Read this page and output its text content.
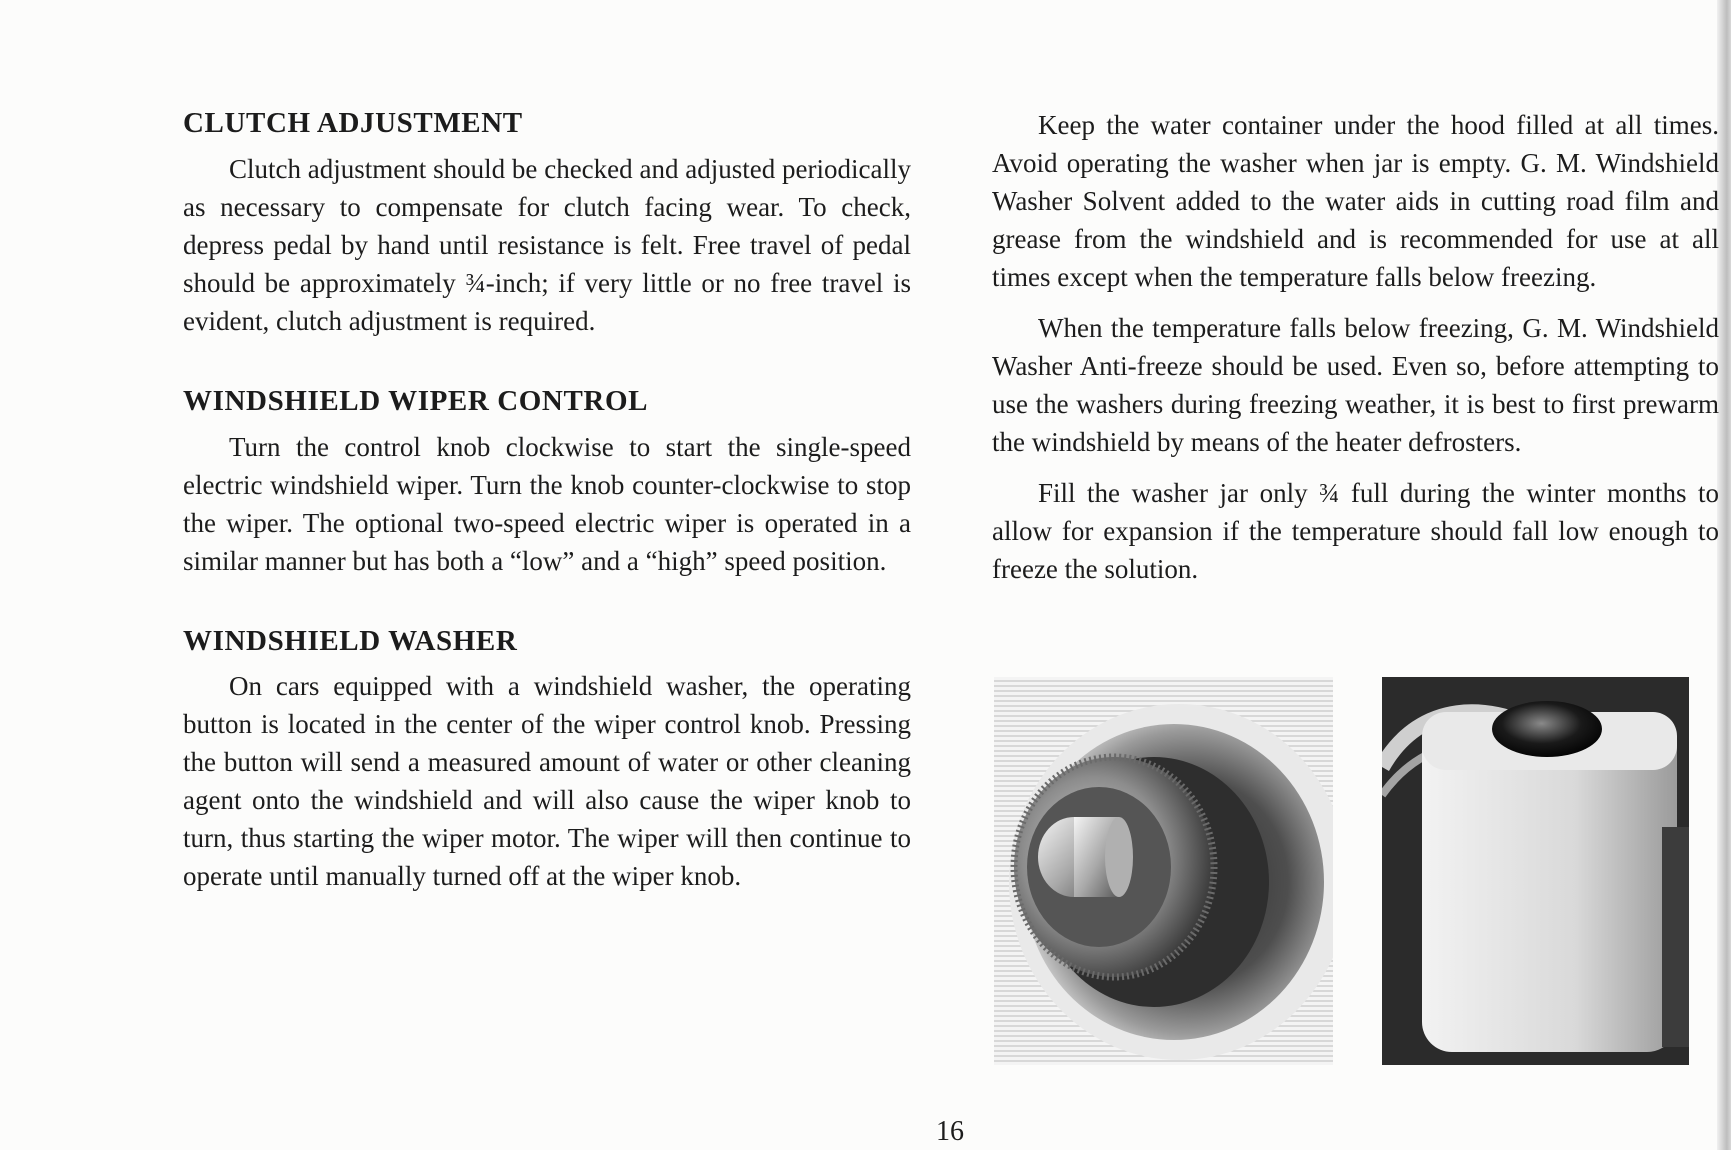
CLUTCH ADJUSTMENT

Clutch adjustment should be checked and adjusted periodically as necessary to compensate for clutch facing wear. To check, depress pedal by hand until resistance is felt. Free travel of pedal should be approximately ¾-inch; if very little or no free travel is evident, clutch adjustment is required.

WINDSHIELD WIPER CONTROL

Turn the control knob clockwise to start the single-speed electric windshield wiper. Turn the knob counter-clockwise to stop the wiper. The optional two-speed electric wiper is operated in a similar manner but has both a “low” and a “high” speed position.

WINDSHIELD WASHER

On cars equipped with a windshield washer, the operating button is located in the center of the wiper control knob. Pressing the button will send a measured amount of water or other cleaning agent onto the windshield and will also cause the wiper knob to turn, thus starting the wiper motor. The wiper will then continue to operate until manually turned off at the wiper knob.

Keep the water container under the hood filled at all times. Avoid operating the washer when jar is empty. G. M. Windshield Washer Solvent added to the water aids in cutting road film and grease from the windshield and is recommended for use at all times except when the temperature falls below freezing.

When the temperature falls below freezing, G. M. Windshield Washer Anti-freeze should be used. Even so, before attempting to use the washers during freezing weather, it is best to first prewarm the windshield by means of the heater defrosters.

Fill the washer jar only ¾ full during the winter months to allow for expansion if the temperature should fall low enough to freeze the solution.

16
